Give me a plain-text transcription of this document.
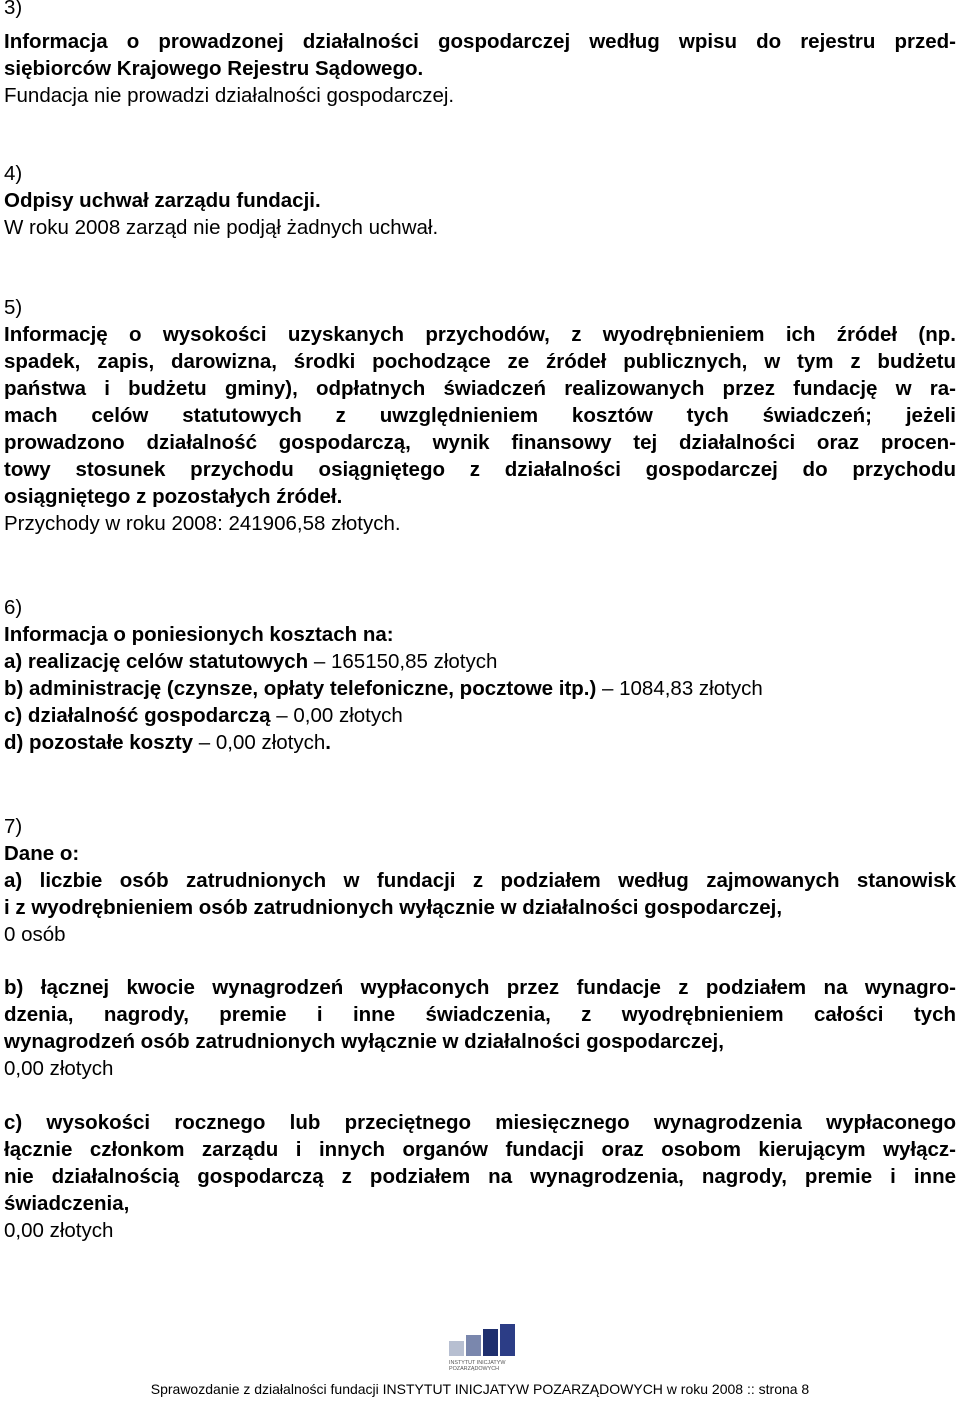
3)
Informacja o prowadzonej działalności gospodarczej według wpisu do rejestru przed-
siębiorców Krajowego Rejestru Sądowego.
Fundacja nie prowadzi działalności gospodarczej.
4)
Odpisy uchwał zarządu fundacji.
W roku 2008 zarząd nie podjął żadnych uchwał.
5)
Informację o wysokości uzyskanych przychodów, z wyodrębnieniem ich źródeł (np.
spadek, zapis, darowizna, środki pochodzące ze źródeł publicznych, w tym z budżetu
państwa i budżetu gminy), odpłatnych świadczeń realizowanych przez fundację w ra-
mach celów statutowych z uwzględnieniem kosztów tych świadczeń; jeżeli
prowadzono działalność gospodarczą, wynik finansowy tej działalności oraz procen-
towy stosunek przychodu osiągniętego z działalności gospodarczej do przychodu
osiągniętego z pozostałych źródeł.
Przychody w roku 2008: 241906,58 złotych.
6)
Informacja o poniesionych kosztach na:
a) realizację celów statutowych – 165150,85 złotych
b) administrację (czynsze, opłaty telefoniczne, pocztowe itp.) – 1084,83 złotych
c) działalność gospodarczą – 0,00 złotych
d) pozostałe koszty – 0,00 złotych.
7)
Dane o:
a) liczbie osób zatrudnionych w fundacji z podziałem według zajmowanych stanowisk
i z wyodrębnieniem osób zatrudnionych wyłącznie w działalności gospodarczej,
0 osób
b) łącznej kwocie wynagrodzeń wypłaconych przez fundacje z podziałem na wynagro-
dzenia, nagrody, premie i inne świadczenia, z wyodrębnieniem całości tych
wynagrodzeń osób zatrudnionych wyłącznie w działalności gospodarczej,
0,00 złotych
c) wysokości rocznego lub przeciętnego miesięcznego wynagrodzenia wypłaconego
łącznie członkom zarządu i innych organów fundacji oraz osobom kierującym wyłącz-
nie działalnością gospodarczą z podziałem na wynagrodzenia, nagrody, premie i inne
świadczenia,
0,00 złotych
INSTYTUT INICJATYW
POZARZĄDOWYCH
Sprawozdanie z działalności fundacji INSTYTUT INICJATYW POZARZĄDOWYCH w roku 2008 :: strona 8
